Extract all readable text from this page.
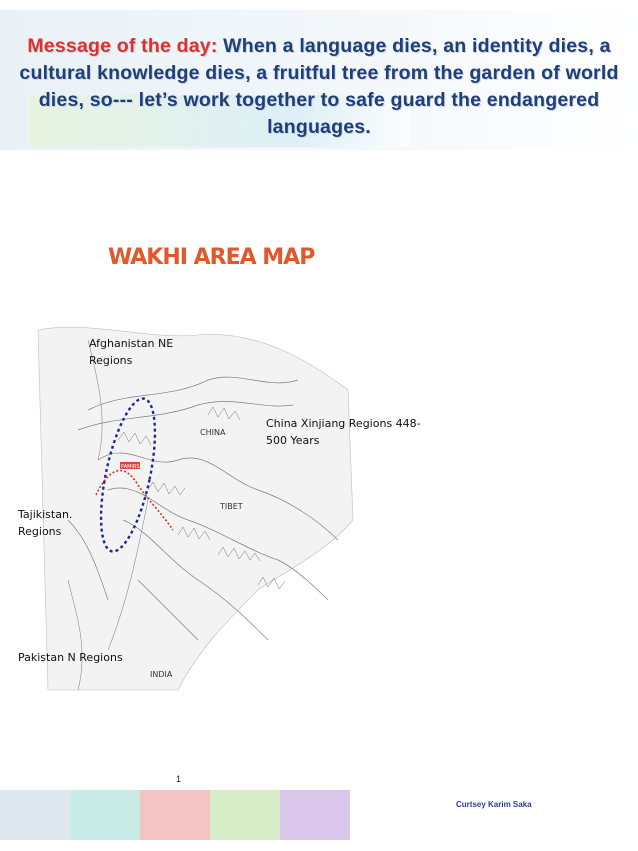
Message of the day: When a language dies, an identity dies, a cultural knowledge dies, a fruitful tree from the garden of world dies, so--- let’s work together to safe guard the endangered languages.
WAKHI AREA MAP
PAMIRS
CHINA
TIBET
INDIA
Afghanistan NE Regions
China Xinjiang Regions 448-500 Years
Tajikistan. Regions
Pakistan N Regions
1
Curtsey Karim Saka
